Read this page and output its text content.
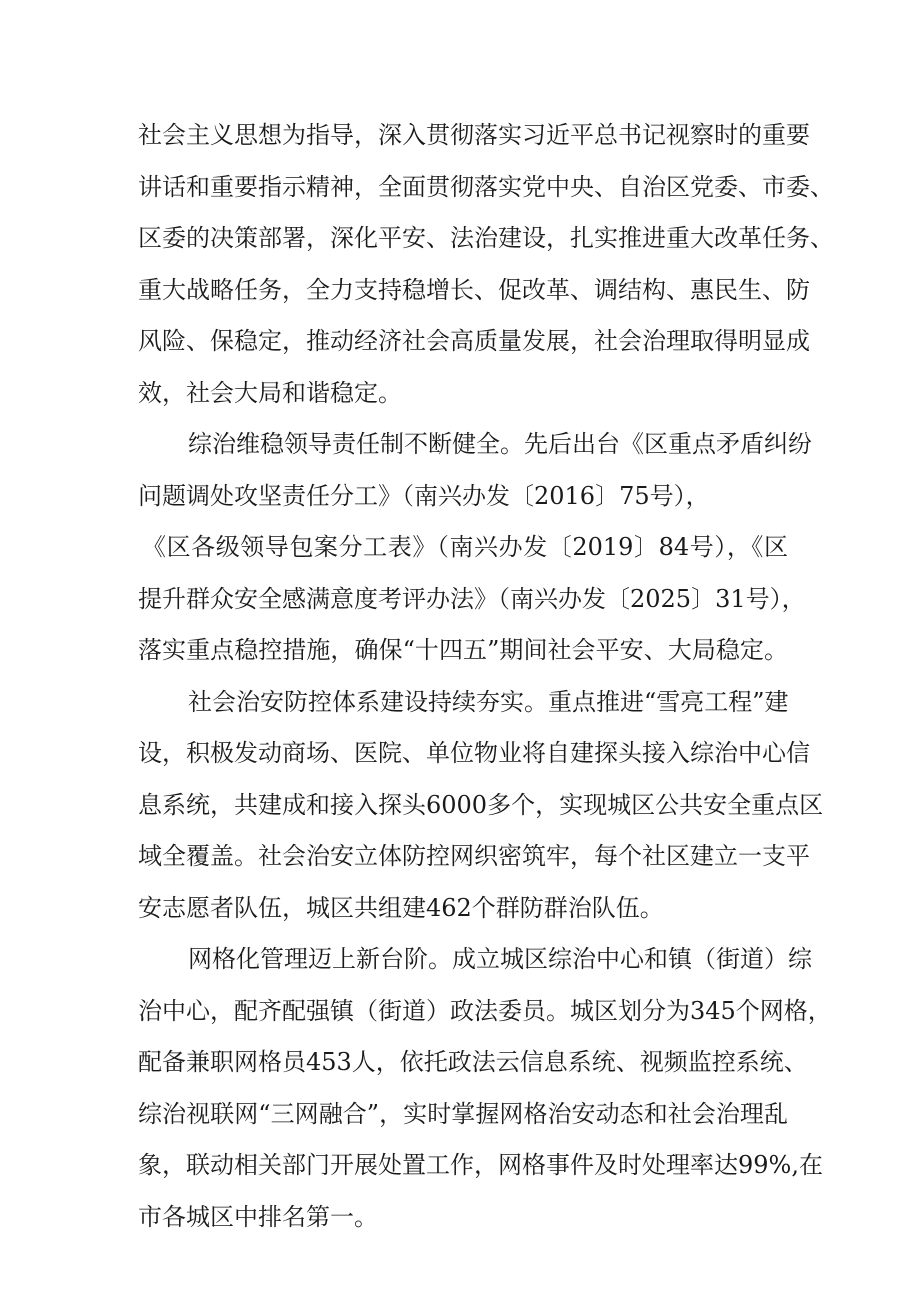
社会主义思想为指导，深入贯彻落实习近平总书记视察时的重要
讲话和重要指示精神，全面贯彻落实党中央、自治区党委、市委、
区委的决策部署，深化平安、法治建设，扎实推进重大改革任务、
重大战略任务，全力支持稳增长、促改革、调结构、惠民生、防
风险、保稳定，推动经济社会高质量发展，社会治理取得明显成
效，社会大局和谐稳定。
综治维稳领导责任制不断健全。先后出台《区重点矛盾纠纷
问题调处攻坚责任分工》（南兴办发〔2016〕75号），
《区各级领导包案分工表》（南兴办发〔2019〕84号），《区
提升群众安全感满意度考评办法》（南兴办发〔2025〕31号），
落实重点稳控措施，确保“十四五”期间社会平安、大局稳定。
社会治安防控体系建设持续夯实。重点推进“雪亮工程”建
设，积极发动商场、医院、单位物业将自建探头接入综治中心信
息系统，共建成和接入探头6000多个，实现城区公共安全重点区
域全覆盖。社会治安立体防控网织密筑牢，每个社区建立一支平
安志愿者队伍，城区共组建462个群防群治队伍。
网格化管理迈上新台阶。成立城区综治中心和镇（街道）综
治中心，配齐配强镇（街道）政法委员。城区划分为345个网格，
配备兼职网格员453人，依托政法云信息系统、视频监控系统、
综治视联网“三网融合”，实时掌握网格治安动态和社会治理乱
象，联动相关部门开展处置工作，网格事件及时处理率达99%,在
市各城区中排名第一。
